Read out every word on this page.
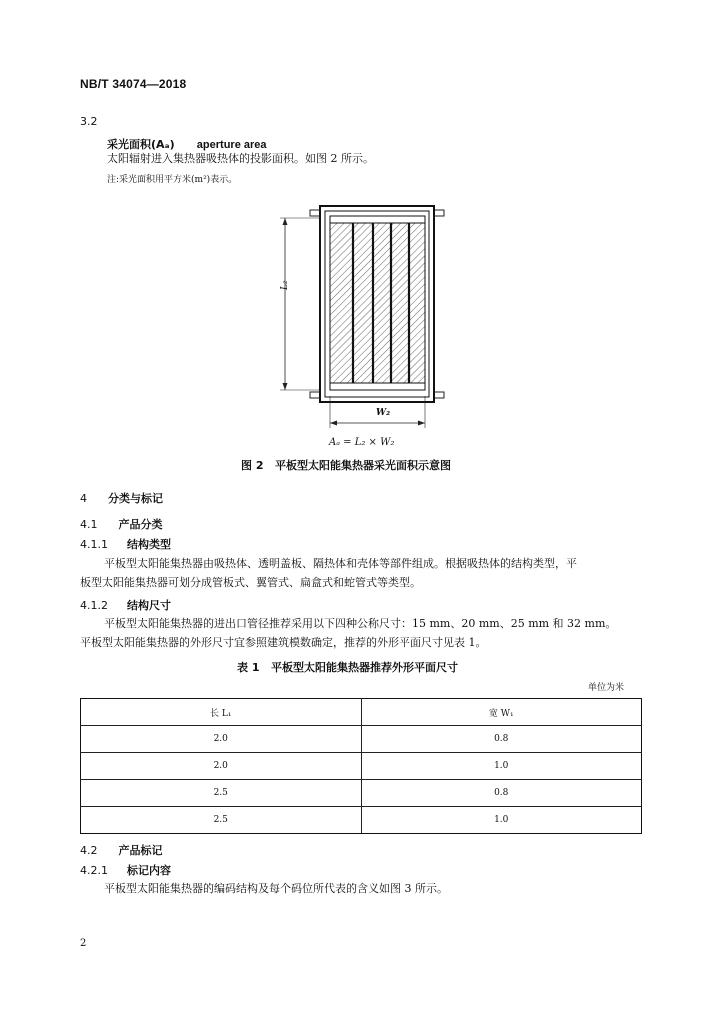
NB/T 34074—2018
3.2
采光面积(Aₐ) aperture area
太阳辐射进入集热器吸热体的投影面积。如图 2 所示。
注:采光面积用平方米(m²)表示。
L₂
W₂
Aₐ = L₂ × W₂
图 2   平板型太阳能集热器采光面积示意图
4 分类与标记
4.1 产品分类
4.1.1 结构类型
平板型太阳能集热器由吸热体、透明盖板、隔热体和壳体等部件组成。根据吸热体的结构类型，平
板型太阳能集热器可划分成管板式、翼管式、扁盒式和蛇管式等类型。
4.1.2 结构尺寸
平板型太阳能集热器的进出口管径推荐采用以下四种公称尺寸：15 mm、20 mm、25 mm 和 32 mm。
平板型太阳能集热器的外形尺寸宜参照建筑模数确定，推荐的外形平面尺寸见表 1。
表 1   平板型太阳能集热器推荐外形平面尺寸
单位为米
长 L₁	宽 W₁
2.0	0.8
2.0	1.0
2.5	0.8
2.5	1.0
4.2 产品标记
4.2.1 标记内容
平板型太阳能集热器的编码结构及每个码位所代表的含义如图 3 所示。
2
